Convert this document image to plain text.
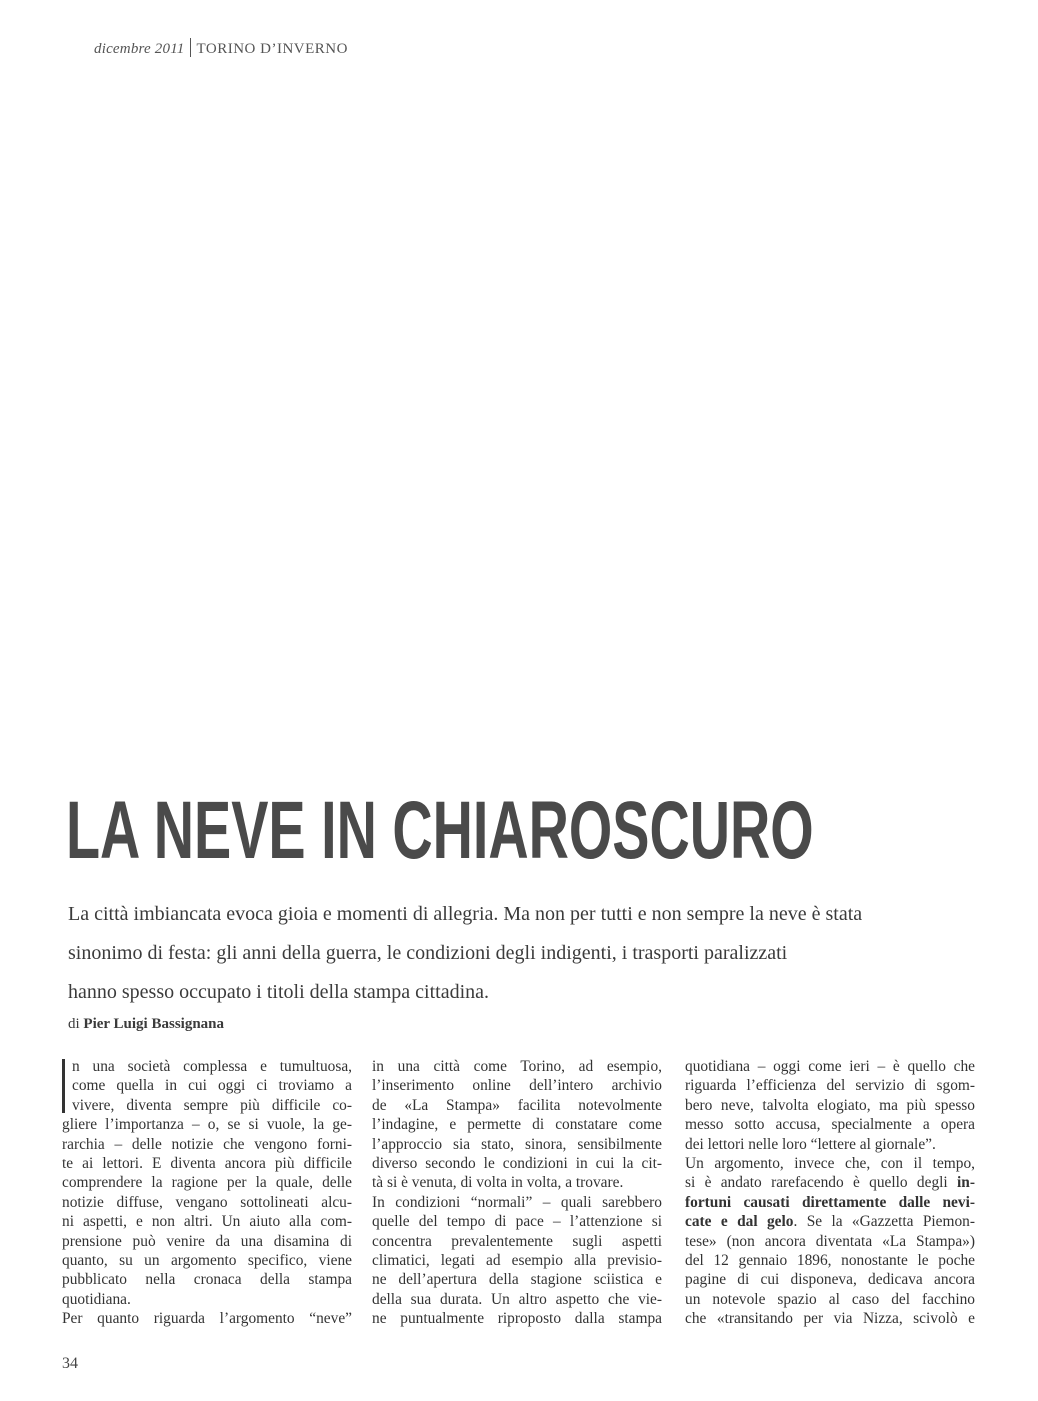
dicembre 2011 TORINO D’INVERNO
LA NEVE IN CHIAROSCURO
La città imbiancata evoca gioia e momenti di allegria. Ma non per tutti e non sempre la neve è stata
sinonimo di festa: gli anni della guerra, le condizioni degli indigenti, i trasporti paralizzati
hanno spesso occupato i titoli della stampa cittadina.
di Pier Luigi Bassignana
n una società complessa e tumultuosa,
come quella in cui oggi ci troviamo a
vivere, diventa sempre più difficile co-
gliere l’importanza – o, se si vuole, la ge-
rarchia – delle notizie che vengono forni-
te ai lettori. E diventa ancora più difficile
comprendere la ragione per la quale, delle
notizie diffuse, vengano sottolineati alcu-
ni aspetti, e non altri. Un aiuto alla com-
prensione può venire da una disamina di
quanto, su un argomento specifico, viene
pubblicato nella cronaca della stampa
quotidiana.
Per quanto riguarda l’argomento “neve”
in una città come Torino, ad esempio,
l’inserimento online dell’intero archivio
de «La Stampa» facilita notevolmente
l’indagine, e permette di constatare come
l’approccio sia stato, sinora, sensibilmente
diverso secondo le condizioni in cui la cit-
tà si è venuta, di volta in volta, a trovare.
In condizioni “normali” – quali sarebbero
quelle del tempo di pace – l’attenzione si
concentra prevalentemente sugli aspetti
climatici, legati ad esempio alla previsio-
ne dell’apertura della stagione sciistica e
della sua durata. Un altro aspetto che vie-
ne puntualmente riproposto dalla stampa
quotidiana – oggi come ieri – è quello che
riguarda l’efficienza del servizio di sgom-
bero neve, talvolta elogiato, ma più spesso
messo sotto accusa, specialmente a opera
dei lettori nelle loro “lettere al giornale”.
Un argomento, invece che, con il tempo,
si è andato rarefacendo è quello degli in-
fortuni causati direttamente dalle nevi-
cate e dal gelo. Se la «Gazzetta Piemon-
tese» (non ancora diventata «La Stampa»)
del 12 gennaio 1896, nonostante le poche
pagine di cui disponeva, dedicava ancora
un notevole spazio al caso del facchino
che «transitando per via Nizza, scivolò e
34
